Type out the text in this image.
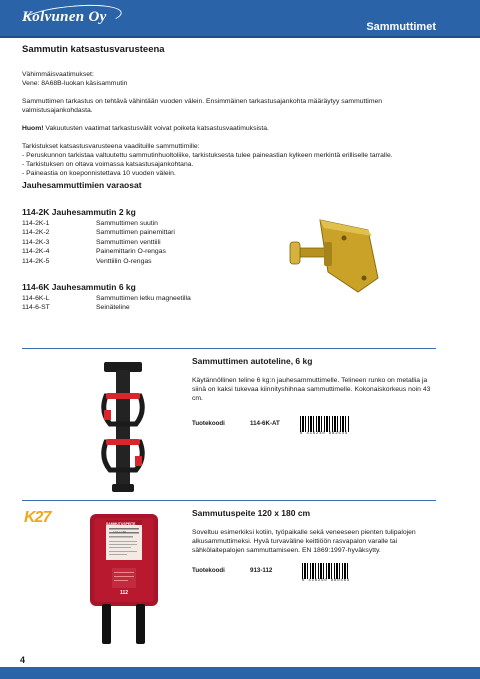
Kolvunen Oy
Sammuttimet
Sammutin katsastusvarusteena
Vähimmäisvaatimukset:
Vene: 8A68B-luokan käsisammutin
Sammuttimen tarkastus on tehtävä vähintään vuoden välein. Ensimmäinen tarkastusajankohta määräytyy sammuttimen valmistusajankohdasta.
Huom! Vakuutusten vaatimat tarkastusvälit voivat poiketa katsastusvaatimuksista.
Tarkistukset katsastusvarusteena vaadituille sammuttimille:
- Peruskunnon tarkistaa valtuutettu sammutinhuoltoliike, tarkistuksesta tulee paineastian kylkeen merkintä erilliselle tarralle.
- Tarkistuksen on oltava voimassa katsastusajankohtana.
- Paineastia on koeponnistettava 10 vuoden välein.
Jauhesammuttimien varaosat
114-2K Jauhesammutin 2 kg
114-2K-1	Sammuttimen suutin
114-2K-2	Sammuttimen painemittari
114-2K-3	Sammuttimen venttiili
114-2K-4	Painemittarin O-rengas
114-2K-5	Venttiilin O-rengas
114-6K Jauhesammutin 6 kg
114-6K-L	Sammuttimen letku magneetilla
114-6-ST	Seinäteline
Sammuttimen autoteline, 6 kg
Käytännöllinen teline 6 kg:n jauhesammuttimelle. Telineen runko on metallia ja siinä on kaksi tukevaa kiinnityshihnaa sammuttimelle. Kokonaiskorkeus noin 43 cm.
Tuotekoodi	114-6K-AT
6 416240 882544
K27	SAMMUTUSPEITE
120 x 180
112
Sammutuspeite 120 x 180 cm
Soveltuu esimerkiksi kotiin, työpaikalle sekä veneeseen pienten tulipalojen alkusammuttimeksi. Hyvä turvaväline keittiöön rasvapalon varalle tai sähkölaitepalojen sammuttamiseen. EN 1869:1997-hyväksytty.
Tuotekoodi	913-112
6 416260 880463
4
